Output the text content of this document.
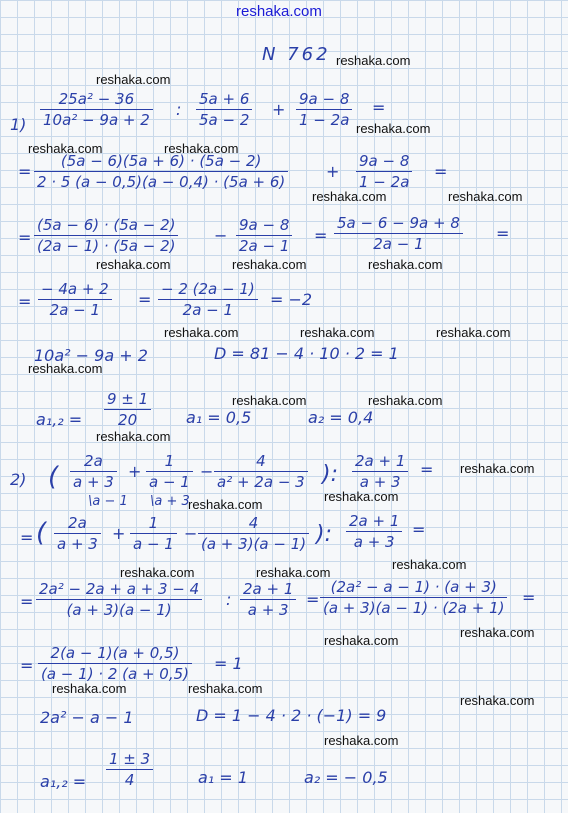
reshaka.com
reshaka.com
reshaka.com
reshaka.com
reshaka.com	reshaka.com
reshaka.com	reshaka.com
reshaka.com	reshaka.com	reshaka.com
reshaka.com	reshaka.com	reshaka.com
reshaka.com
reshaka.com	reshaka.com
reshaka.com
reshaka.com
reshaka.com
reshaka.com
reshaka.com
reshaka.com	reshaka.com
reshaka.com
reshaka.com
reshaka.com	reshaka.com
reshaka.com
reshaka.com
N 762
1)
25a² − 36
10a² − 9a + 2
:
5a + 6
5a − 2
+
9a − 8
1 − 2a
=
=
(5a − 6)(5a + 6) · (5a − 2)
2 · 5 (a − 0,5)(a − 0,4) · (5a + 6)
+
9a − 8
1 − 2a
=
=
(5a − 6) · (5a − 2)
(2a − 1) · (5a − 2)
−
9a − 8
2a − 1
=
5a − 6 − 9a + 8
2a − 1
=
=
− 4a + 2
2a − 1
=
− 2 (2a − 1)
2a − 1
= −2
10a² − 9a + 2	D = 81 − 4 · 10 · 2 = 1
a₁,₂ =
9 ± 1
20	a₁ = 0,5	a₂ = 0,4
2) (
2a
a + 3
+
1
a − 1
−
4
a² + 2a − 3 ):
2a + 1
a + 3
=
\a − 1 \a + 3
= ( 2a
a + 3
+
1
a − 1
−
4
(a + 3)(a − 1) ):
2a + 1
a + 3
=
=
2a² − 2a + a + 3 − 4
(a + 3)(a − 1)
:
2a + 1
a + 3
=
(2a² − a − 1) · (a + 3)
(a + 3)(a − 1) · (2a + 1)
=
=
2(a − 1)(a + 0,5)
(a − 1) · 2 (a + 0,5)
= 1
2a² − a − 1	D = 1 − 4 · 2 · (−1) = 9
a₁,₂ =
1 ± 3
4	a₁ = 1	a₂ = − 0,5
